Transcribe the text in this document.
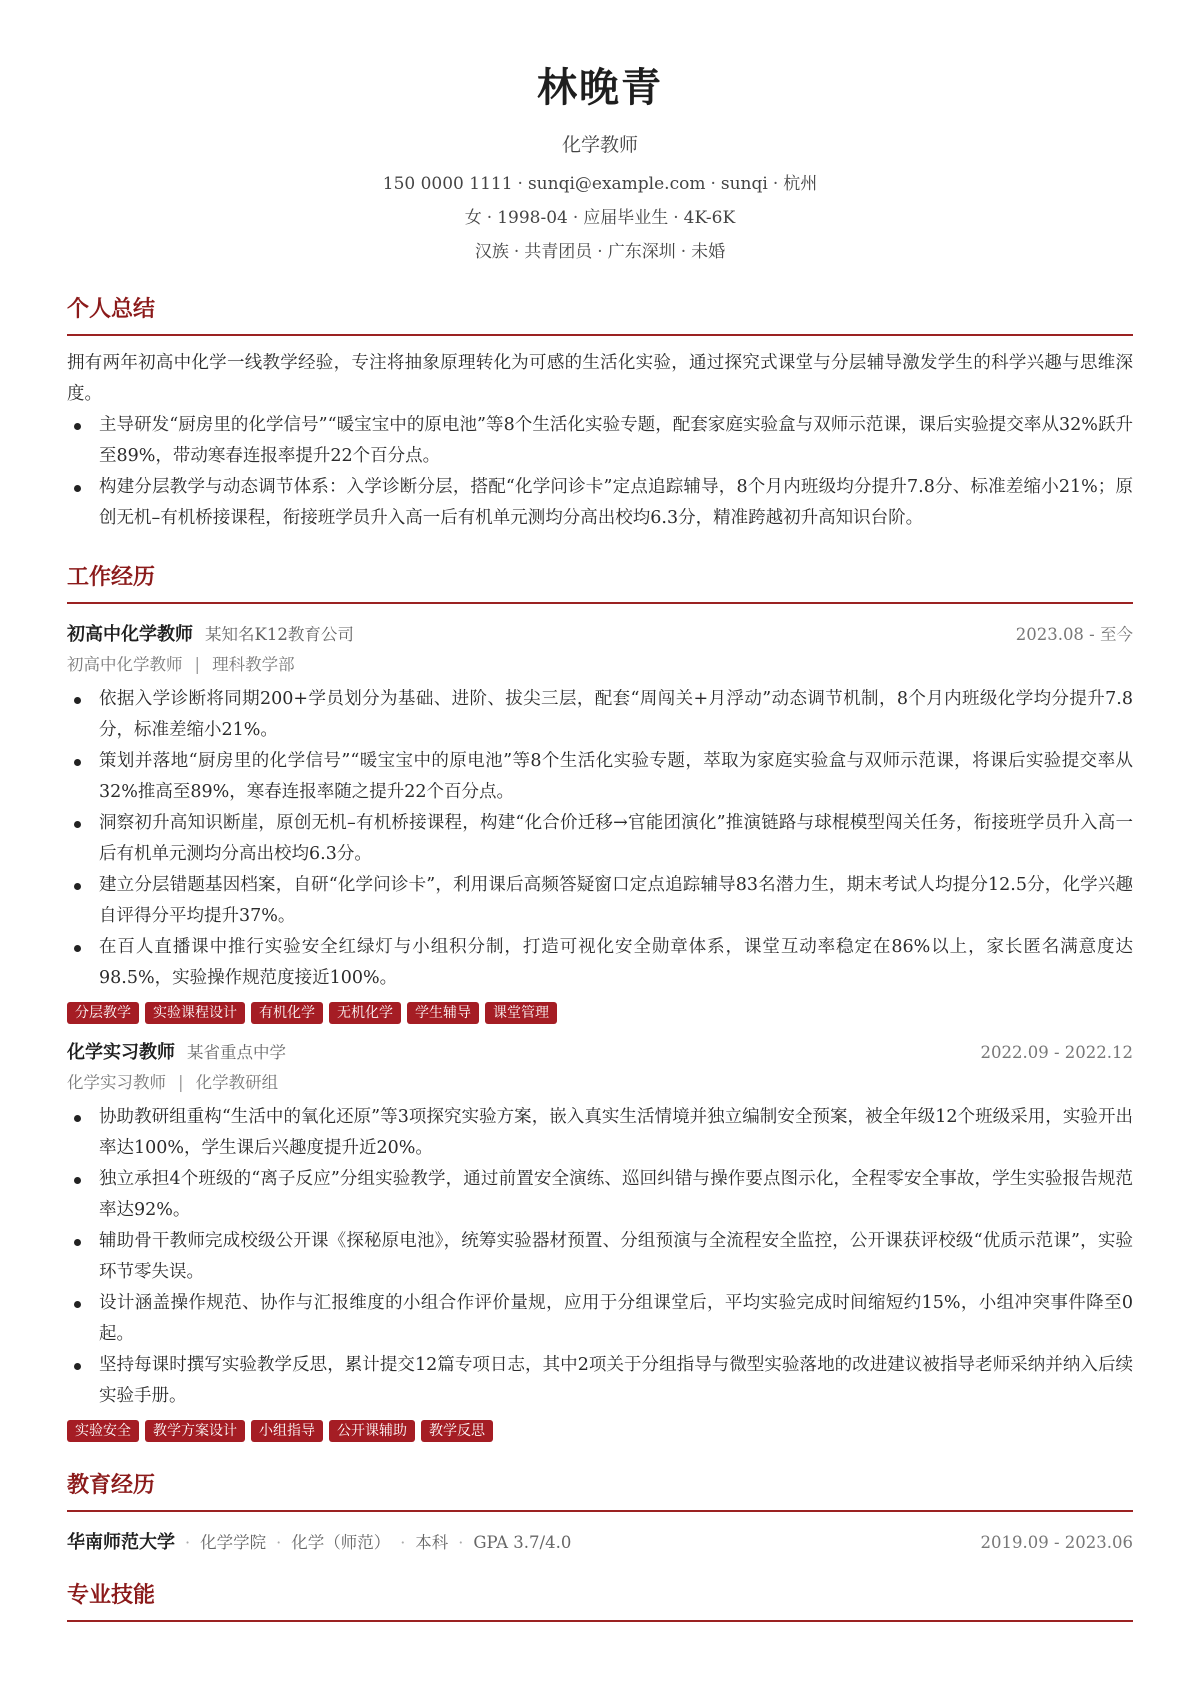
林晚青
化学教师
150 0000 1111 · sunqi@example.com · sunqi · 杭州
女 · 1998-04 · 应届毕业生 · 4K-6K
汉族 · 共青团员 · 广东深圳 · 未婚
个人总结
拥有两年初高中化学一线教学经验，专注将抽象原理转化为可感的生活化实验，通过探究式课堂与分层辅导激发学生的科学兴趣与思维深度。
主导研发“厨房里的化学信号”“暖宝宝中的原电池”等8个生活化实验专题，配套家庭实验盒与双师示范课，课后实验提交率从32%跃升至89%，带动寒春连报率提升22个百分点。
构建分层教学与动态调节体系：入学诊断分层，搭配“化学问诊卡”定点追踪辅导，8个月内班级均分提升7.8分、标准差缩小21%；原创无机–有机桥接课程，衔接班学员升入高一后有机单元测均分高出校均6.3分，精准跨越初升高知识台阶。
工作经历
初高中化学教师 某知名K12教育公司	2023.08 - 至今
初高中化学教师 | 理科教学部
依据入学诊断将同期200+学员划分为基础、进阶、拔尖三层，配套“周闯关+月浮动”动态调节机制，8个月内班级化学均分提升7.8分，标准差缩小21%。
策划并落地“厨房里的化学信号”“暖宝宝中的原电池”等8个生活化实验专题，萃取为家庭实验盒与双师示范课，将课后实验提交率从32%推高至89%，寒春连报率随之提升22个百分点。
洞察初升高知识断崖，原创无机–有机桥接课程，构建“化合价迁移→官能团演化”推演链路与球棍模型闯关任务，衔接班学员升入高一后有机单元测均分高出校均6.3分。
建立分层错题基因档案，自研“化学问诊卡”，利用课后高频答疑窗口定点追踪辅导83名潜力生，期末考试人均提分12.5分，化学兴趣自评得分平均提升37%。
在百人直播课中推行实验安全红绿灯与小组积分制，打造可视化安全勋章体系，课堂互动率稳定在86%以上，家长匿名满意度达98.5%，实验操作规范度接近100%。
分层教学	实验课程设计	有机化学	无机化学	学生辅导	课堂管理
化学实习教师 某省重点中学	2022.09 - 2022.12
化学实习教师 | 化学教研组
协助教研组重构“生活中的氧化还原”等3项探究实验方案，嵌入真实生活情境并独立编制安全预案，被全年级12个班级采用，实验开出率达100%，学生课后兴趣度提升近20%。
独立承担4个班级的“离子反应”分组实验教学，通过前置安全演练、巡回纠错与操作要点图示化，全程零安全事故，学生实验报告规范率达92%。
辅助骨干教师完成校级公开课《探秘原电池》，统筹实验器材预置、分组预演与全流程安全监控，公开课获评校级“优质示范课”，实验环节零失误。
设计涵盖操作规范、协作与汇报维度的小组合作评价量规，应用于分组课堂后，平均实验完成时间缩短约15%，小组冲突事件降至0起。
坚持每课时撰写实验教学反思，累计提交12篇专项日志，其中2项关于分组指导与微型实验落地的改进建议被指导老师采纳并纳入后续实验手册。
实验安全	教学方案设计	小组指导	公开课辅助	教学反思
教育经历
华南师范大学 · 化学学院 · 化学（师范） · 本科 · GPA 3.7/4.0	2019.09 - 2023.06
专业技能
